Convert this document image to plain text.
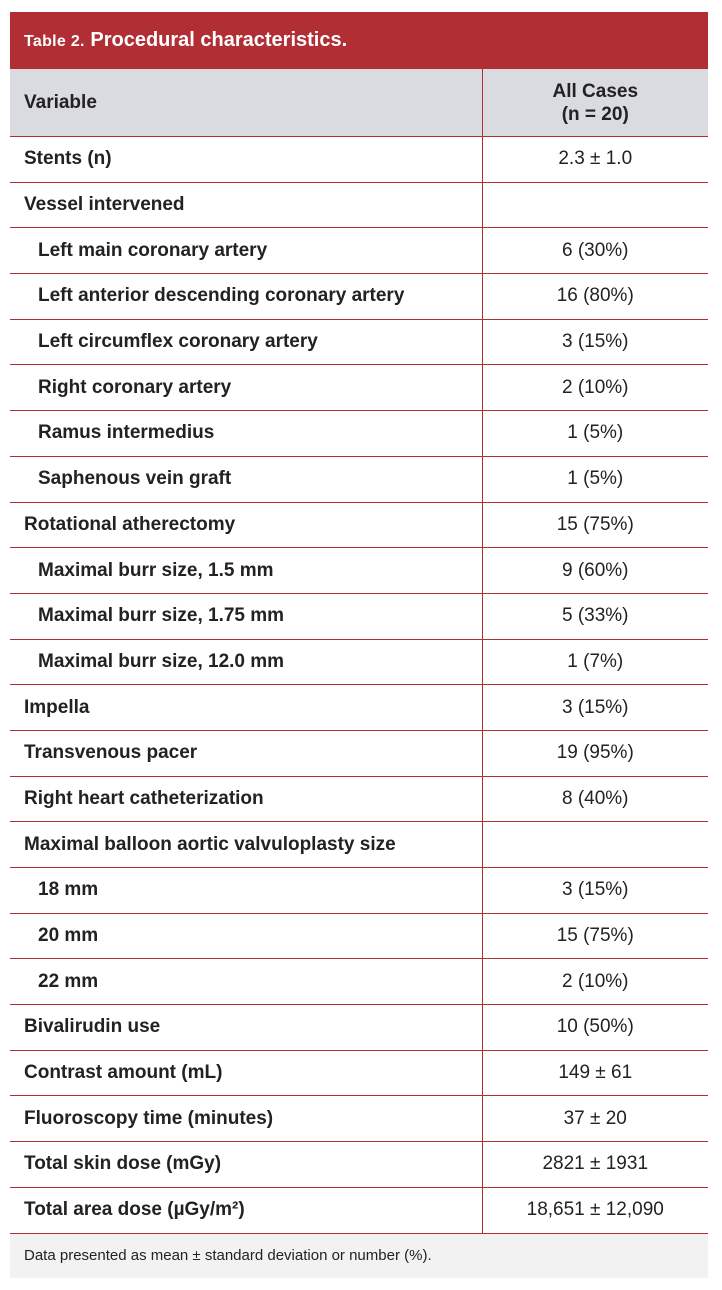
Table 2. Procedural characteristics.
Variable	All Cases
(n = 20)
Stents (n)	2.3 ± 1.0
Vessel intervened	
Left main coronary artery	6 (30%)
Left anterior descending coronary artery	16 (80%)
Left circumflex coronary artery	3 (15%)
Right coronary artery	2 (10%)
Ramus intermedius	1 (5%)
Saphenous vein graft	1 (5%)
Rotational atherectomy	15 (75%)
Maximal burr size, 1.5 mm	9 (60%)
Maximal burr size, 1.75 mm	5 (33%)
Maximal burr size, 12.0 mm	1 (7%)
Impella	3 (15%)
Transvenous pacer	19 (95%)
Right heart catheterization	8 (40%)
Maximal balloon aortic valvuloplasty size	
18 mm	3 (15%)
20 mm	15 (75%)
22 mm	2 (10%)
Bivalirudin use	10 (50%)
Contrast amount (mL)	149 ± 61
Fluoroscopy time (minutes)	37 ± 20
Total skin dose (mGy)	2821 ± 1931
Total area dose (µGy/m²)	18,651 ± 12,090
Data presented as mean ± standard deviation or number (%).
